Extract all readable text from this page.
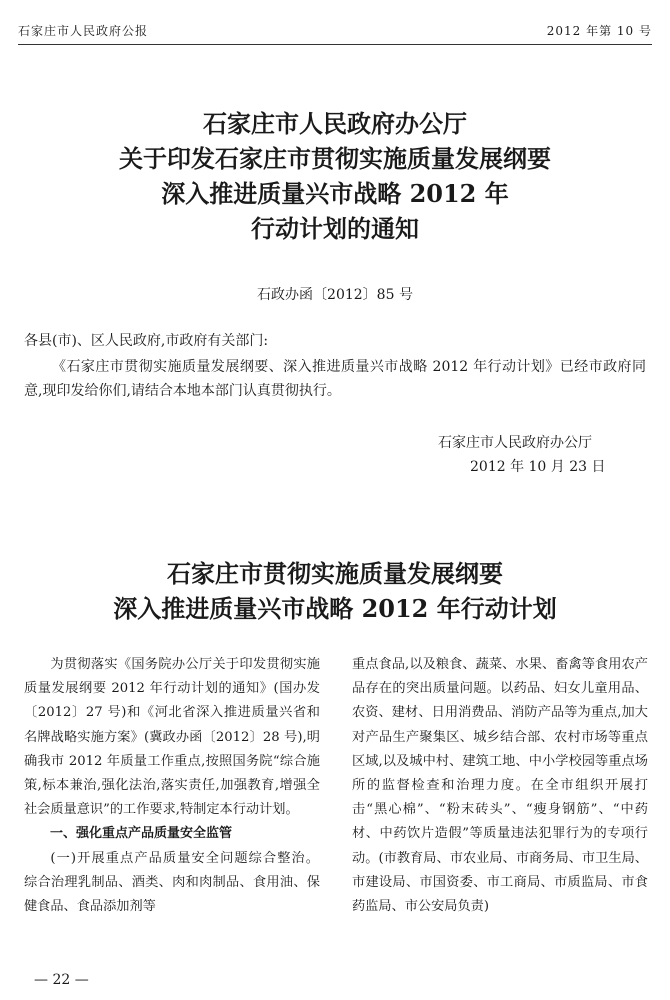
石家庄市人民政府公报	2012 年第 10 号
石家庄市人民政府办公厅
关于印发石家庄市贯彻实施质量发展纲要
深入推进质量兴市战略 2012 年
行动计划的通知
石政办函〔2012〕85 号
各县(市)、区人民政府,市政府有关部门:
《石家庄市贯彻实施质量发展纲要、深入推进质量兴市战略 2012 年行动计划》已经市政府同意,现印发给你们,请结合本地本部门认真贯彻执行。
石家庄市人民政府办公厅
2012 年 10 月 23 日
石家庄市贯彻实施质量发展纲要
深入推进质量兴市战略 2012 年行动计划

为贯彻落实《国务院办公厅关于印发贯彻实施质量发展纲要 2012 年行动计划的通知》(国办发〔2012〕27 号)和《河北省深入推进质量兴省和名牌战略实施方案》(冀政办函〔2012〕28 号),明确我市 2012 年质量工作重点,按照国务院“综合施策,标本兼治,强化法治,落实责任,加强教育,增强全社会质量意识”的工作要求,特制定本行动计划。

一、强化重点产品质量安全监管

(一)开展重点产品质量安全问题综合整治。综合治理乳制品、酒类、肉和肉制品、食用油、保健食品、食品添加剂等

重点食品,以及粮食、蔬菜、水果、畜禽等食用农产品存在的突出质量问题。以药品、妇女儿童用品、农资、建材、日用消费品、消防产品等为重点,加大对产品生产聚集区、城乡结合部、农村市场等重点区域,以及城中村、建筑工地、中小学校园等重点场所的监督检查和治理力度。在全市组织开展打击“黑心棉”、“粉末砖头”、“瘦身钢筋”、“中药材、中药饮片造假”等质量违法犯罪行为的专项行动。(市教育局、市农业局、市商务局、市卫生局、市建设局、市国资委、市工商局、市质监局、市食药监局、市公安局负责)

— 22 —
